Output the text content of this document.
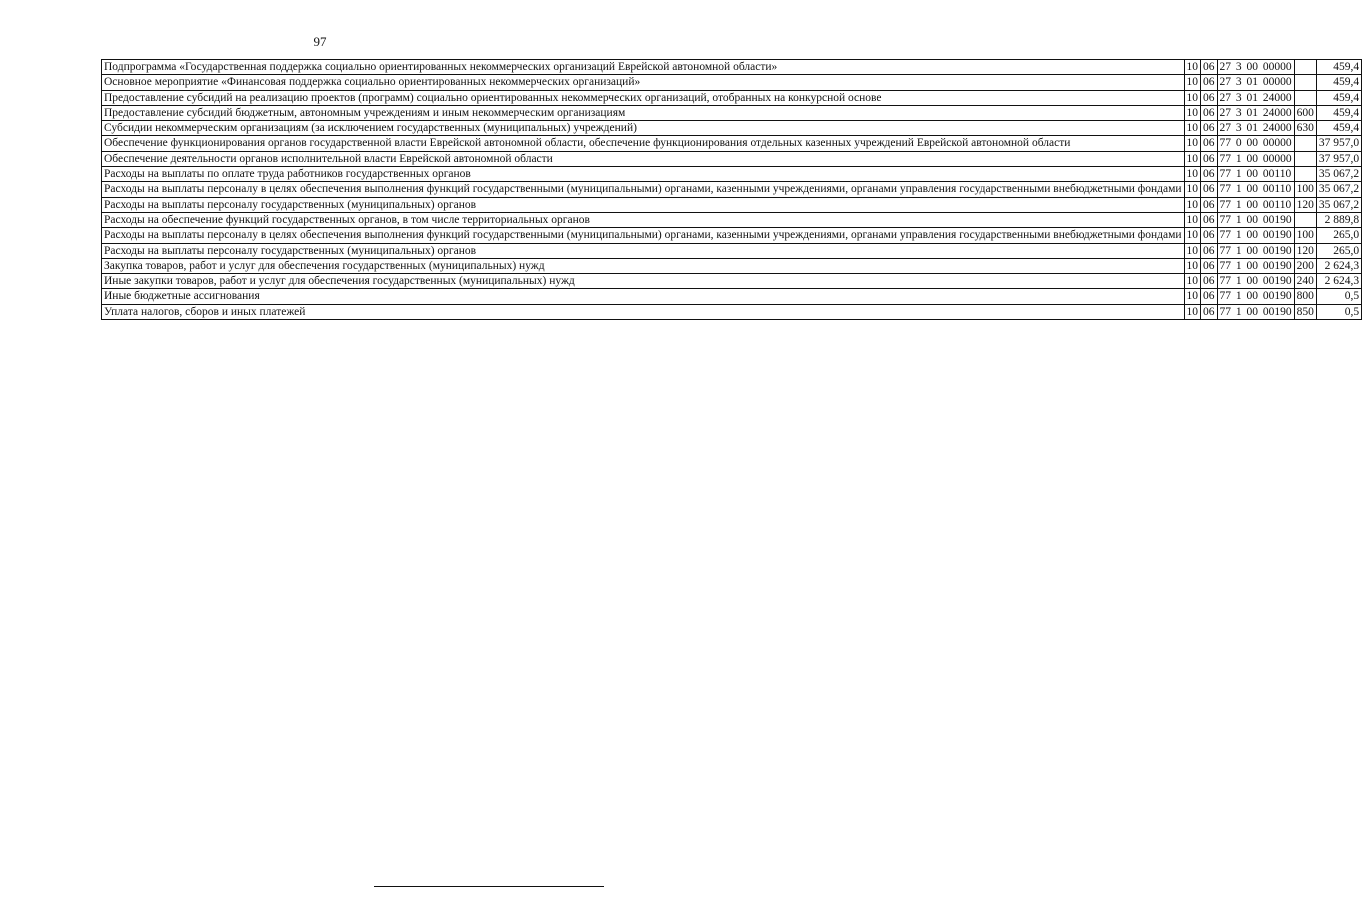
97
Подпрограмма «Государственная поддержка социально ориентированных некоммерческих организаций Еврейской автономной области»	10	06	27 3 00 00000		459,4
Основное мероприятие «Финансовая поддержка социально ориентированных некоммерческих организаций»	10	06	27 3 01 00000		459,4
Предоставление субсидий на реализацию проектов (программ) социально ориентированных некоммерческих организаций, отобранных на конкурсной основе	10	06	27 3 01 24000		459,4
Предоставление субсидий бюджетным, автономным учреждениям и иным некоммерческим организациям	10	06	27 3 01 24000	600	459,4
Субсидии некоммерческим организациям (за исключением государственных (муниципальных) учреждений)	10	06	27 3 01 24000	630	459,4
Обеспечение функционирования органов государственной власти Еврейской автономной области, обеспечение функционирования отдельных казенных учреждений Еврейской автономной области	10	06	77 0 00 00000		37 957,0
Обеспечение деятельности органов исполнительной власти Еврейской автономной области	10	06	77 1 00 00000		37 957,0
Расходы на выплаты по оплате труда работников государственных органов	10	06	77 1 00 00110		35 067,2
Расходы на выплаты персоналу в целях обеспечения выполнения функций государственными (муниципальными) органами, казенными учреждениями, органами управления государственными внебюджетными фондами	10	06	77 1 00 00110	100	35 067,2
Расходы на выплаты персоналу государственных (муниципальных) органов	10	06	77 1 00 00110	120	35 067,2
Расходы на обеспечение функций государственных органов, в том числе территориальных органов	10	06	77 1 00 00190		2 889,8
Расходы на выплаты персоналу в целях обеспечения выполнения функций государственными (муниципальными) органами, казенными учреждениями, органами управления государственными внебюджетными фондами	10	06	77 1 00 00190	100	265,0
Расходы на выплаты персоналу государственных (муниципальных) органов	10	06	77 1 00 00190	120	265,0
Закупка товаров, работ и услуг для обеспечения государственных (муниципальных) нужд	10	06	77 1 00 00190	200	2 624,3
Иные закупки товаров, работ и услуг для обеспечения государственных (муниципальных) нужд	10	06	77 1 00 00190	240	2 624,3
Иные бюджетные ассигнования	10	06	77 1 00 00190	800	0,5
Уплата налогов, сборов и иных платежей	10	06	77 1 00 00190	850	0,5
